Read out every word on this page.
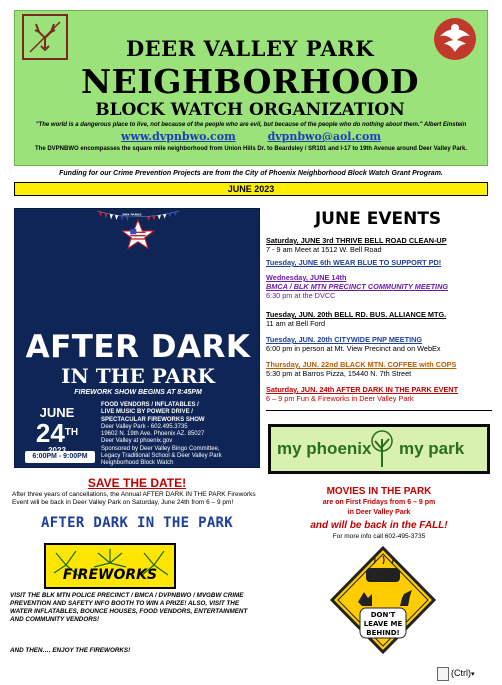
DEER VALLEY PARK
NEIGHBORHOOD
BLOCK WATCH ORGANIZATION
"The world is a dangerous place to live, not because of the people who are evil, but because of the people who do nothing about them." Albert Einstein
www.dvpnbwo.com	dvpnbwo@aol.com
The DVPNBWO encompasses the square mile neighborhood from Union Hills Dr. to Beardsley / SR101 and I-17 to 19th Avenue around Deer Valley Park.
Funding for our Crime Prevention Projects are from the City of Phoenix Neighborhood Block Watch Grant Program.
JUNE 2023
PHX PARKS
AFTER DARK
IN THE PARK
FIREWORK SHOW BEGINS AT 8:45PM
JUNE
24TH
6:00PM - 9:00PM
FOOD VENDORS / INFLATABLES /
LIVE MUSIC BY POWER DRIVE /
SPECTACULAR FIREWORKS SHOW
Deer Valley Park - 602.495.3735
19602 N. 19th Ave. Phoenix AZ. 85027
Deer Valley at phoenix.gov
Sponsored by Deer Valley Bingo Committee,
Legacy Traditional School & Deer Valley Park
Neighborhood Block Watch
SAVE THE DATE!
After three years of cancellations, the Annual AFTER DARK IN THE PARK Fireworks Event will be back in Deer Valley Park on Saturday, June 24th from 6 – 9 pm!
AFTER DARK IN THE PARK
FIREWORKS
VISIT THE BLK MTN POLICE PRECINCT / BMCA / DVPNBWO / MVGBW CRIME PREVENTION AND SAFETY INFO BOOTH TO WIN A PRIZE! ALSO, VISIT THE WATER INFLATABLES, BOUNCE HOUSES, FOOD VENDORS, ENTERTAINMENT AND COMMUNITY VENDORS!
AND THEN…. ENJOY THE FIREWORKS!
JUNE EVENTS
Saturday, JUNE 3rd THRIVE BELL ROAD CLEAN-UP
7 - 9 am Meet at 1512 W. Bell Road
Tuesday, JUNE 6th WEAR BLUE TO SUPPORT PD!
Wednesday, JUNE 14th
BMCA / BLK MTN PRECINCT COMMUNITY MEETING
6:30 pm at the DVCC
Tuesday, JUN. 20th BELL RD. BUS. ALLIANCE MTG.
11 am at Bell Ford
Tuesday, JUN. 20th CITYWIDE PNP MEETING
6:00 pm in person at Mt. View Precinct and on WebEx
Thursday, JUN. 22nd BLACK MTN. COFFEE with COPS
5:30 pm at Barros Pizza, 15440 N. 7th Street
Saturday, JUN. 24th AFTER DARK IN THE PARK EVENT
6 – 9 pm Fun & Fireworks in Deer Valley Park
my phoenix my park
MOVIES IN THE PARK
are on First Fridays from 6 – 9 pm
in Deer Valley Park
and will be back in the FALL!
For more info call 602-495-3735
DON'T
LEAVE ME
BEHIND!
(Ctrl)▾
